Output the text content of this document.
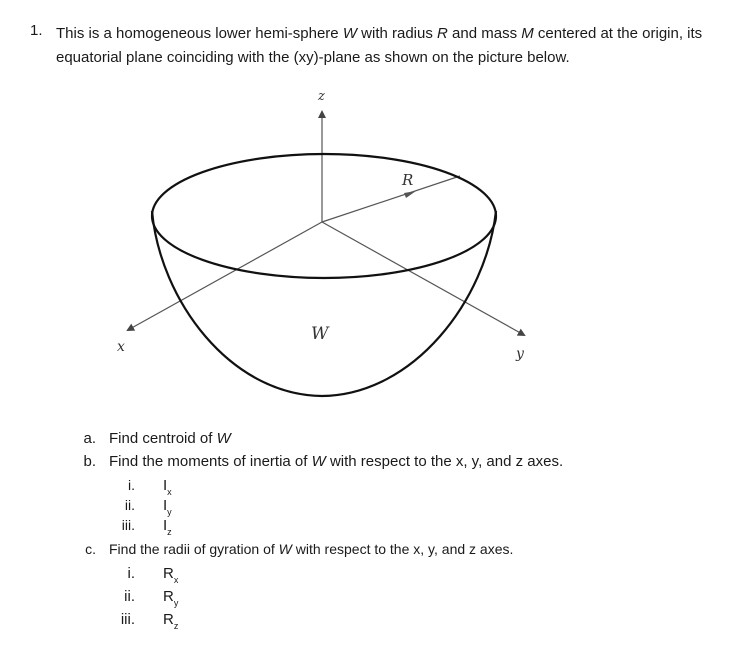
1. This is a homogeneous lower hemi-sphere W with radius R and mass M centered at the origin, its equatorial plane coinciding with the (xy)-plane as shown on the picture below.
z
x	y
R
W
a. Find centroid of W
b. Find the moments of inertia of W with respect to the x, y, and z axes.
i. $I_x$
ii. $I_y$
iii. $I_z$
c. Find the radii of gyration of W with respect to the x, y, and z axes.
i. $R_x$
ii. $R_y$
iii. $R_z$
